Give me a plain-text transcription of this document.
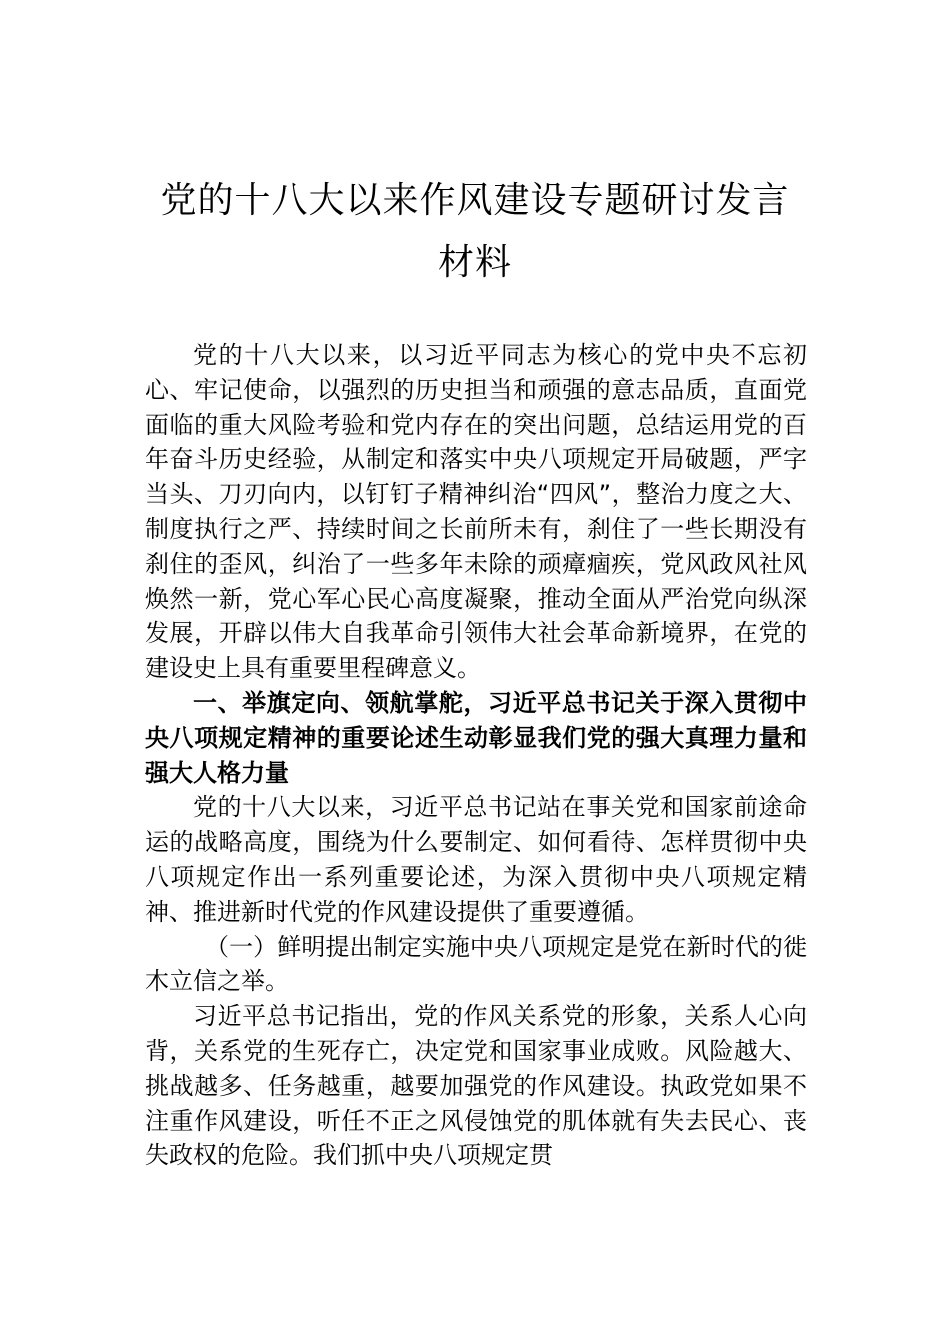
党的十八大以来作风建设专题研讨发言材料

党的十八大以来，以习近平同志为核心的党中央不忘初心、牢记使命，以强烈的历史担当和顽强的意志品质，直面党面临的重大风险考验和党内存在的突出问题，总结运用党的百年奋斗历史经验，从制定和落实中央八项规定开局破题，严字当头、刀刃向内，以钉钉子精神纠治“四风”，整治力度之大、制度执行之严、持续时间之长前所未有，刹住了一些长期没有刹住的歪风，纠治了一些多年未除的顽瘴痼疾，党风政风社风焕然一新，党心军心民心高度凝聚，推动全面从严治党向纵深发展，开辟以伟大自我革命引领伟大社会革命新境界，在党的建设史上具有重要里程碑意义。

一、举旗定向、领航掌舵，习近平总书记关于深入贯彻中央八项规定精神的重要论述生动彰显我们党的强大真理力量和强大人格力量

党的十八大以来，习近平总书记站在事关党和国家前途命运的战略高度，围绕为什么要制定、如何看待、怎样贯彻中央八项规定作出一系列重要论述，为深入贯彻中央八项规定精神、推进新时代党的作风建设提供了重要遵循。

（一）鲜明提出制定实施中央八项规定是党在新时代的徙木立信之举。

习近平总书记指出，党的作风关系党的形象，关系人心向背，关系党的生死存亡，决定党和国家事业成败。风险越大、挑战越多、任务越重，越要加强党的作风建设。执政党如果不注重作风建设，听任不正之风侵蚀党的肌体就有失去民心、丧失政权的危险。我们抓中央八项规定贯
